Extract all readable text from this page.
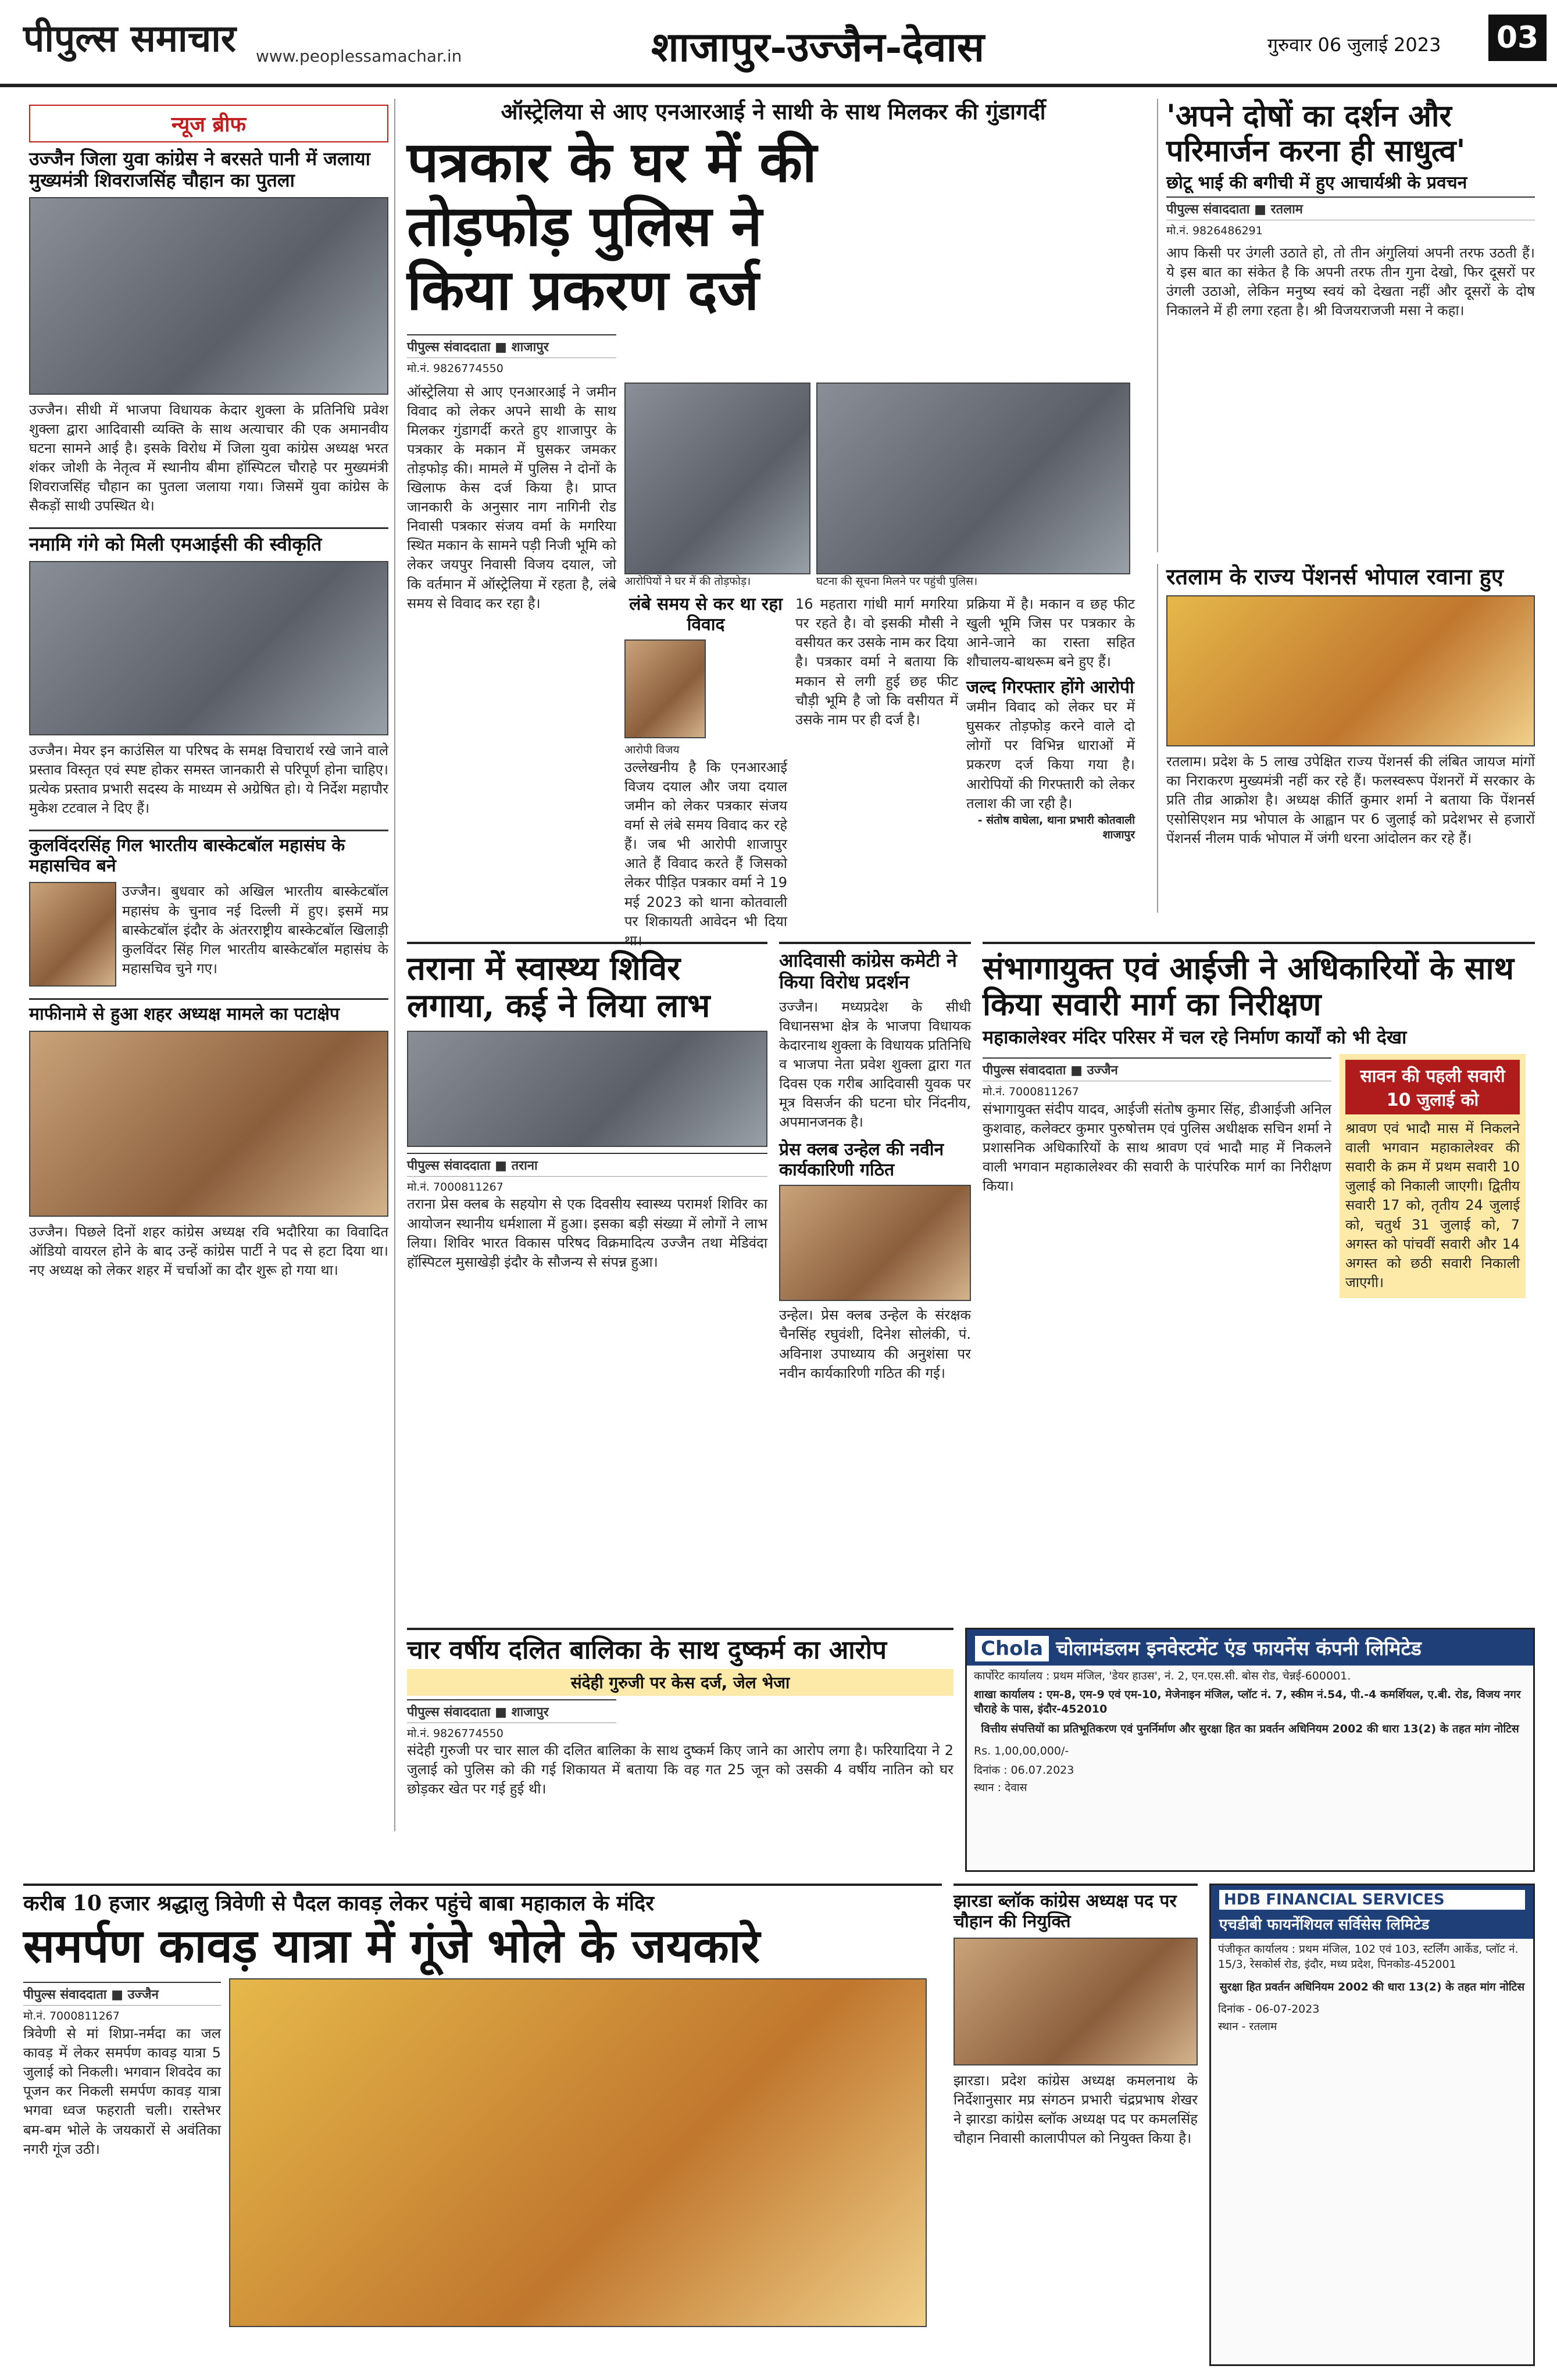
पीपुल्स समाचार www.peoplessamachar.in	शाजापुर-उज्जैन-देवास	गुरुवार 06 जुलाई 2023 03
न्यूज ब्रीफ
उज्जैन जिला युवा कांग्रेस ने बरसते पानी में जलाया मुख्यमंत्री शिवराजसिंह चौहान का पुतला
उज्जैन। सीधी में भाजपा विधायक केदार शुक्ला के प्रतिनिधि प्रवेश शुक्ला द्वारा आदिवासी व्यक्ति के साथ अत्याचार की एक अमानवीय घटना सामने आई है। इसके विरोध में जिला युवा कांग्रेस अध्यक्ष भरत शंकर जोशी के नेतृत्व में स्थानीय बीमा हॉस्पिटल चौराहे पर मुख्यमंत्री शिवराजसिंह चौहान का पुतला जलाया गया। जिसमें युवा कांग्रेस के सैकड़ों साथी उपस्थित थे।
नमामि गंगे को मिली एमआईसी की स्वीकृति
उज्जैन। मेयर इन काउंसिल या परिषद के समक्ष विचारार्थ रखे जाने वाले प्रस्ताव विस्तृत एवं स्पष्ट होकर समस्त जानकारी से परिपूर्ण होना चाहिए। प्रत्येक प्रस्ताव प्रभारी सदस्य के माध्यम से अग्रेषित हो। ये निर्देश महापौर मुकेश टटवाल ने दिए हैं।
कुलविंदरसिंह गिल भारतीय बास्केटबॉल महासंघ के महासचिव बने
उज्जैन। बुधवार को अखिल भारतीय बास्केटबॉल महासंघ के चुनाव नई दिल्ली में हुए। इसमें मप्र बास्केटबॉल इंदौर के अंतरराष्ट्रीय बास्केटबॉल खिलाड़ी कुलविंदर सिंह गिल भारतीय बास्केटबॉल महासंघ के महासचिव चुने गए।
माफीनामे से हुआ शहर अध्यक्ष मामले का पटाक्षेप
उज्जैन। पिछले दिनों शहर कांग्रेस अध्यक्ष रवि भदौरिया का विवादित ऑडियो वायरल होने के बाद उन्हें कांग्रेस पार्टी ने पद से हटा दिया था। नए अध्यक्ष को लेकर शहर में चर्चाओं का दौर शुरू हो गया था।
ऑस्ट्रेलिया से आए एनआरआई ने साथी के साथ मिलकर की गुंडागर्दी
पत्रकार के घर में की तोड़फोड़ पुलिस ने किया प्रकरण दर्ज
पीपुल्स संवाददाता ■ शाजापुर
मो.नं. 9826774550
ऑस्ट्रेलिया से आए एनआरआई ने जमीन विवाद को लेकर अपने साथी के साथ मिलकर गुंडागर्दी करते हुए शाजापुर के पत्रकार के मकान में घुसकर जमकर तोड़फोड़ की। मामले में पुलिस ने दोनों के खिलाफ केस दर्ज किया है। प्राप्त जानकारी के अनुसार नाग नागिनी रोड निवासी पत्रकार संजय वर्मा के मगरिया स्थित मकान के सामने पड़ी निजी भूमि को लेकर जयपुर निवासी विजय दयाल, जो कि वर्तमान में ऑस्ट्रेलिया में रहता है, लंबे समय से विवाद कर रहा है।
आरोपियों ने घर में की तोड़फोड़।	घटना की सूचना मिलने पर पहुंची पुलिस।
लंबे समय से कर था रहा विवाद
आरोपी विजय
उल्लेखनीय है कि एनआरआई विजय दयाल और जया दयाल जमीन को लेकर पत्रकार संजय वर्मा से लंबे समय विवाद कर रहे हैं। जब भी आरोपी शाजापुर आते हैं विवाद करते हैं जिसको लेकर पीड़ित पत्रकार वर्मा ने 19 मई 2023 को थाना कोतवाली पर शिकायती आवेदन भी दिया था।
16 महतारा गांधी मार्ग मगरिया पर रहते है। वो इसकी मौसी ने वसीयत कर उसके नाम कर दिया है। पत्रकार वर्मा ने बताया कि मकान से लगी हुई छह फीट चौड़ी भूमि है जो कि वसीयत में उसके नाम पर ही दर्ज है।
प्रक्रिया में है। मकान व छह फीट खुली भूमि जिस पर पत्रकार के आने-जाने का रास्ता सहित शौचालय-बाथरूम बने हुए हैं।
जल्द गिरफ्तार होंगे आरोपी
जमीन विवाद को लेकर घर में घुसकर तोड़फोड़ करने वाले दो लोगों पर विभिन्न धाराओं में प्रकरण दर्ज किया गया है। आरोपियों की गिरफ्तारी को लेकर तलाश की जा रही है।
- संतोष वाघेला, थाना प्रभारी कोतवाली शाजापुर
'अपने दोषों का दर्शन और परिमार्जन करना ही साधुत्व'
छोटू भाई की बगीची में हुए आचार्यश्री के प्रवचन
पीपुल्स संवाददाता ■ रतलाम
मो.नं. 9826486291
आप किसी पर उंगली उठाते हो, तो तीन अंगुलियां अपनी तरफ उठती हैं। ये इस बात का संकेत है कि अपनी तरफ तीन गुना देखो, फिर दूसरों पर उंगली उठाओ, लेकिन मनुष्य स्वयं को देखता नहीं और दूसरों के दोष निकालने में ही लगा रहता है। श्री विजयराजजी मसा ने कहा।
रतलाम के राज्य पेंशनर्स भोपाल रवाना हुए
रतलाम। प्रदेश के 5 लाख उपेक्षित राज्य पेंशनर्स की लंबित जायज मांगों का निराकरण मुख्यमंत्री नहीं कर रहे हैं। फलस्वरूप पेंशनरों में सरकार के प्रति तीव्र आक्रोश है। अध्यक्ष कीर्ति कुमार शर्मा ने बताया कि पेंशनर्स एसोसिएशन मप्र भोपाल के आह्वान पर 6 जुलाई को प्रदेशभर से हजारों पेंशनर्स नीलम पार्क भोपाल में जंगी धरना आंदोलन कर रहे हैं।
तराना में स्वास्थ्य शिविर लगाया, कई ने लिया लाभ
पीपुल्स संवाददाता ■ तराना
मो.नं. 7000811267
तराना प्रेस क्लब के सहयोग से एक दिवसीय स्वास्थ्य परामर्श शिविर का आयोजन स्थानीय धर्मशाला में हुआ। इसका बड़ी संख्या में लोगों ने लाभ लिया। शिविर भारत विकास परिषद विक्रमादित्य उज्जैन तथा मेडिवंदा हॉस्पिटल मुसाखेड़ी इंदौर के सौजन्य से संपन्न हुआ।
आदिवासी कांग्रेस कमेटी ने किया विरोध प्रदर्शन
उज्जैन। मध्यप्रदेश के सीधी विधानसभा क्षेत्र के भाजपा विधायक केदारनाथ शुक्ला के विधायक प्रतिनिधि व भाजपा नेता प्रवेश शुक्ला द्वारा गत दिवस एक गरीब आदिवासी युवक पर मूत्र विसर्जन की घटना घोर निंदनीय, अपमानजनक है।
प्रेस क्लब उन्हेल की नवीन कार्यकारिणी गठित
उन्हेल। प्रेस क्लब उन्हेल के संरक्षक चैनसिंह रघुवंशी, दिनेश सोलंकी, पं. अविनाश उपाध्याय की अनुशंसा पर नवीन कार्यकारिणी गठित की गई।
संभागायुक्त एवं आईजी ने अधिकारियों के साथ किया सवारी मार्ग का निरीक्षण
महाकालेश्वर मंदिर परिसर में चल रहे निर्माण कार्यों को भी देखा
पीपुल्स संवाददाता ■ उज्जैन
मो.नं. 7000811267
संभागायुक्त संदीप यादव, आईजी संतोष कुमार सिंह, डीआईजी अनिल कुशवाह, कलेक्टर कुमार पुरुषोत्तम एवं पुलिस अधीक्षक सचिन शर्मा ने प्रशासनिक अधिकारियों के साथ श्रावण एवं भादौ माह में निकलने वाली भगवान महाकालेश्वर की सवारी के पारंपरिक मार्ग का निरीक्षण किया।
सावन की पहली सवारी 10 जुलाई को
श्रावण एवं भादौ मास में निकलने वाली भगवान महाकालेश्वर की सवारी के क्रम में प्रथम सवारी 10 जुलाई को निकाली जाएगी। द्वितीय सवारी 17 को, तृतीय 24 जुलाई को, चतुर्थ 31 जुलाई को, 7 अगस्त को पांचवीं सवारी और 14 अगस्त को छठी सवारी निकाली जाएगी।
चार वर्षीय दलित बालिका के साथ दुष्कर्म का आरोप
संदेही गुरुजी पर केस दर्ज, जेल भेजा
पीपुल्स संवाददाता ■ शाजापुर
मो.नं. 9826774550
संदेही गुरुजी पर चार साल की दलित बालिका के साथ दुष्कर्म किए जाने का आरोप लगा है। फरियादिया ने 2 जुलाई को पुलिस को की गई शिकायत में बताया कि वह गत 25 जून को उसकी 4 वर्षीय नातिन को घर छोड़कर खेत पर गई हुई थी।
Chola चोलामंडलम इनवेस्टमेंट एंड फायनेंस कंपनी लिमिटेड
कार्पोरेट कार्यालय : प्रथम मंजिल, 'डेयर हाउस', नं. 2, एन.एस.सी. बोस रोड, चेन्नई-600001.
शाखा कार्यालय : एम-8, एम-9 एवं एम-10, मेजेनाइन मंजिल, प्लॉट नं. 7, स्कीम नं.54, पी.-4 कमर्शियल, ए.बी. रोड, विजय नगर चौराहे के पास, इंदौर-452010
वित्तीय संपत्तियों का प्रतिभूतिकरण एवं पुनर्निर्माण और सुरक्षा हित का प्रवर्तन अधिनियम 2002 की धारा 13(2) के तहत मांग नोटिस
Rs. 1,00,00,000/-
दिनांक : 06.07.2023
स्थान : देवास
करीब 10 हजार श्रद्धालु त्रिवेणी से पैदल कावड़ लेकर पहुंचे बाबा महाकाल के मंदिर
समर्पण कावड़ यात्रा में गूंजे भोले के जयकारे
पीपुल्स संवाददाता ■ उज्जैन
मो.नं. 7000811267
त्रिवेणी से मां शिप्रा-नर्मदा का जल कावड़ में लेकर समर्पण कावड़ यात्रा 5 जुलाई को निकली। भगवान शिवदेव का पूजन कर निकली समर्पण कावड़ यात्रा भगवा ध्वज फहराती चली। रास्तेभर बम-बम भोले के जयकारों से अवंतिका नगरी गूंज उठी।
झारडा ब्लॉक कांग्रेस अध्यक्ष पद पर चौहान की नियुक्ति
झारडा। प्रदेश कांग्रेस अध्यक्ष कमलनाथ के निर्देशानुसार मप्र संगठन प्रभारी चंद्रप्रभाष शेखर ने झारडा कांग्रेस ब्लॉक अध्यक्ष पद पर कमलसिंह चौहान निवासी कालापीपल को नियुक्त किया है।
HDB FINANCIAL SERVICES
एचडीबी फायनेंशियल सर्विसेस लिमिटेड
पंजीकृत कार्यालय : प्रथम मंजिल, 102 एवं 103, स्टर्लिंग आर्केड, प्लॉट नं. 15/3, रेसकोर्स रोड, इंदौर, मध्य प्रदेश, पिनकोड-452001
सुरक्षा हित प्रवर्तन अधिनियम 2002 की धारा 13(2) के तहत मांग नोटिस
दिनांक - 06-07-2023
स्थान - रतलाम
